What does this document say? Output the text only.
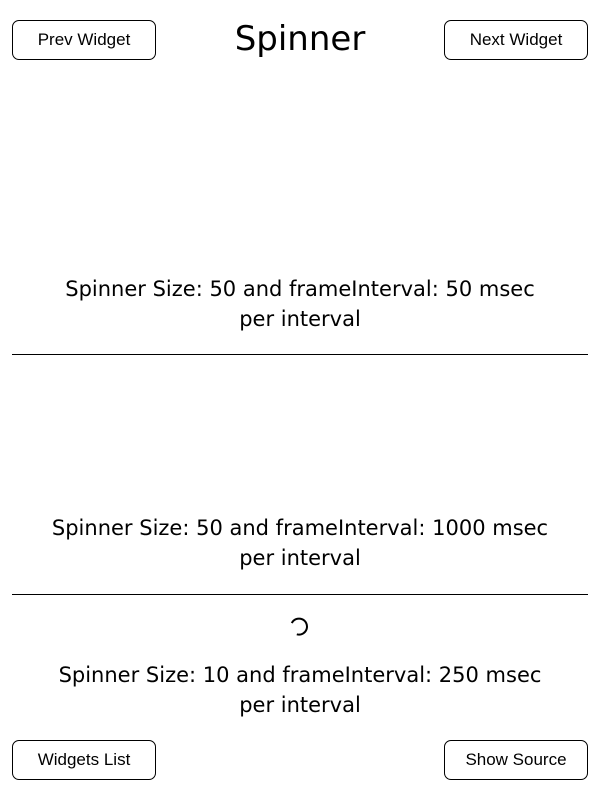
Prev Widget	Spinner	Next Widget
Spinner Size: 50 and frameInterval: 50 msec
per interval
Spinner Size: 50 and frameInterval: 1000 msec
per interval
Spinner Size: 10 and frameInterval: 250 msec
per interval
Widgets List	Show Source
